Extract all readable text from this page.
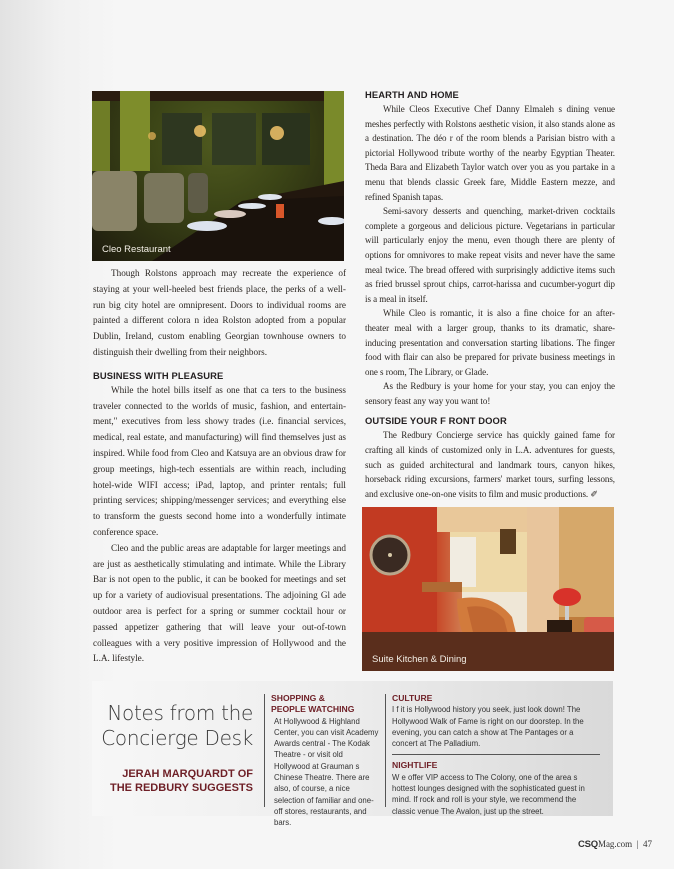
Cleo Restaurant

Though Rolstons approach may recreate the experience of staying at your well-heeled best friends place, the perks of a well-run big city hotel are omnipresent. Doors to individual rooms are painted a different colora n idea Rolston adopted from a popular Dublin, Ireland, custom enabling Georgian townhouse owners to distinguish their dwelling from their neighbors.

BUSINESS WITH PLEASURE

While the hotel bills itself as one that ca ters to the business traveler connected to the worlds of music, fashion, and entertain-ment," executives from less showy trades (i.e. financial services, medical, real estate, and manufacturing) will find themselves just as inspired. While food from Cleo and Katsuya are an obvious draw for group meetings, high-tech essentials are within reach, including hotel-wide WIFI access; iPad, laptop, and printer rentals; full printing services; shipping/messenger services; and everything else to transform the guests second home into a wonderfully intimate conference space.

Cleo and the public areas are adaptable for larger meetings and are just as aesthetically stimulating and intimate. While the Library Bar is not open to the public, it can be booked for meetings and set up for a variety of audiovisual presentations. The adjoining Gl ade outdoor area is perfect for a spring or summer cocktail hour or passed appetizer gathering that will leave your out-of-town colleagues with a very positive impression of Hollywood and the L.A. lifestyle.

HEARTH AND HOME

While Cleos Executive Chef Danny Elmaleh s dining venue meshes perfectly with Rolstons aesthetic vision, it also stands alone as a destination. The déo r of the room blends a Parisian bistro with a pictorial Hollywood tribute worthy of the nearby Egyptian Theater. Theda Bara and Elizabeth Taylor watch over you as you partake in a menu that blends classic Greek fare, Middle Eastern mezze, and refined Spanish tapas.

Semi-savory desserts and quenching, market-driven cocktails complete a gorgeous and delicious picture. Vegetarians in particular will particularly enjoy the menu, even though there are plenty of options for omnivores to make repeat visits and never have the same meal twice. The bread offered with surprisingly addictive items such as fried brussel sprout chips, carrot-harissa and cucumber-yogurt dip is a meal in itself.

While Cleo is romantic, it is also a fine choice for an after-theater meal with a larger group, thanks to its dramatic, share-inducing presentation and conversation starting libations. The finger food with flair can also be prepared for private business meetings in one s room, The Library, or Glade.

As the Redbury is your home for your stay, you can enjoy the sensory feast any way you want to!

OUTSIDE YOUR F RONT DOOR

The Redbury Concierge service has quickly gained fame for crafting all kinds of customized only in L.A. adventures for guests, such as guided architectural and landmark tours, canyon hikes, horseback riding excursions, farmers' market tours, surfing lessons, and exclusive one-on-one visits to film and music productions. ✐

Suite Kitchen & Dining
Notes from the
Concierge Desk
JERAH MARQUARDT OF
THE REDBURY SUGGESTS
SHOPPING &
PEOPLE WATCHING

At Hollywood & Highland Center, you can visit Academy Awards central - The Kodak Theatre - or visit old Hollywood at Grauman s Chinese Theatre. There are also, of course, a nice selection of familiar and one-off stores, restaurants, and bars.

CULTURE

I f it is Hollywood history you seek, just look down! The Hollywood Walk of Fame is right on our doorstep. In the evening, you can catch a show at The Pantages or a concert at The Palladium.

NIGHTLIFE

W e offer VIP access to The Colony, one of the area s hottest lounges designed with the sophisticated guest in mind. If rock and roll is your style, we recommend the classic venue The Avalon, just up the street.

CSQMag.com | 47
